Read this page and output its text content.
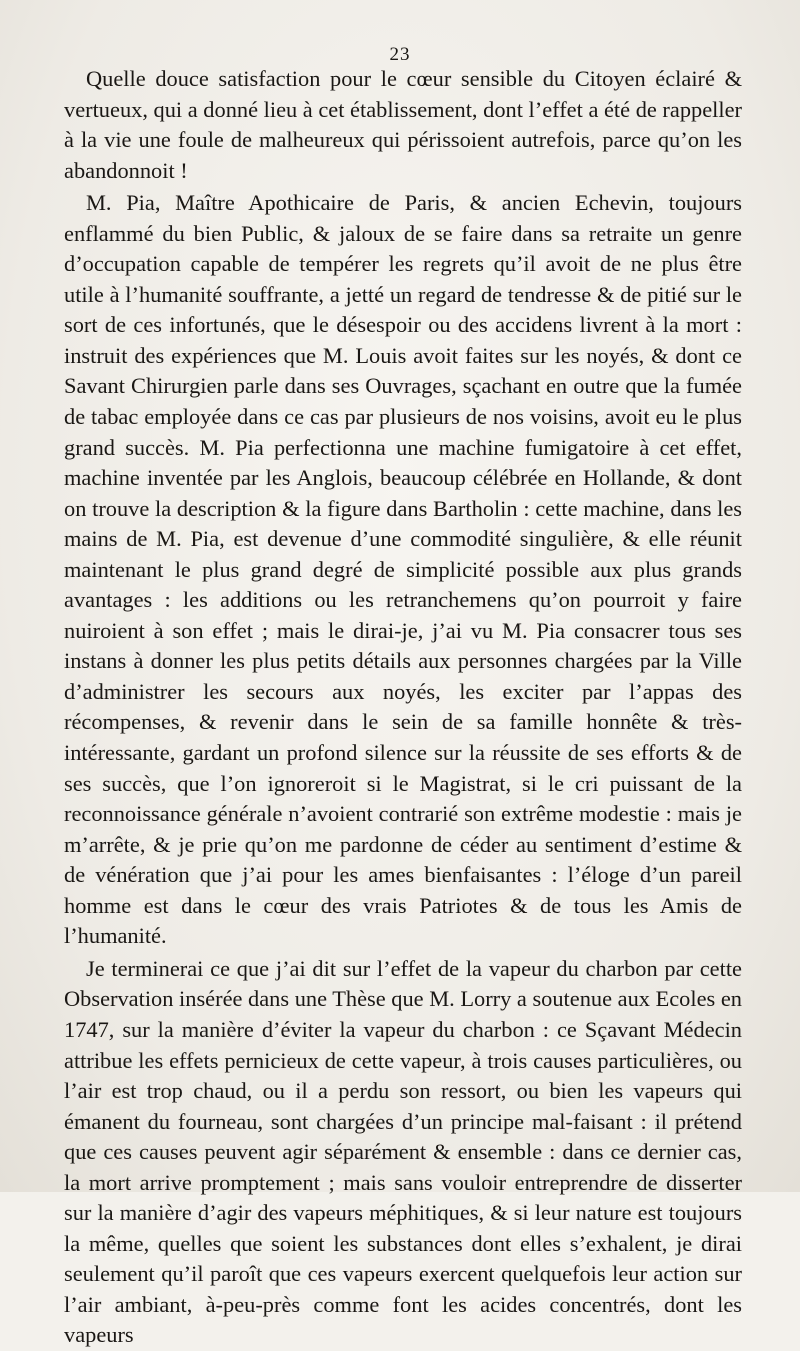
23

Quelle douce satisfaction pour le cœur sensible du Citoyen éclairé & vertueux, qui a donné lieu à cet établissement, dont l’effet a été de rappeller à la vie une foule de malheureux qui périssoient autrefois, parce qu’on les abandonnoit !

M. Pia, Maître Apothicaire de Paris, & ancien Echevin, toujours enflammé du bien Public, & jaloux de se faire dans sa retraite un genre d’occupation capable de tempérer les regrets qu’il avoit de ne plus être utile à l’humanité souffrante, a jetté un regard de tendresse & de pitié sur le sort de ces infortunés, que le désespoir ou des accidens livrent à la mort : instruit des expériences que M. Louis avoit faites sur les noyés, & dont ce Savant Chirurgien parle dans ses Ouvrages, sçachant en outre que la fumée de tabac employée dans ce cas par plusieurs de nos voisins, avoit eu le plus grand succès. M. Pia perfectionna une machine fumigatoire à cet effet, machine inventée par les Anglois, beaucoup célébrée en Hollande, & dont on trouve la description & la figure dans Bartholin : cette machine, dans les mains de M. Pia, est devenue d’une commodité singulière, & elle réunit maintenant le plus grand degré de simplicité possible aux plus grands avantages : les additions ou les retranchemens qu’on pourroit y faire nuiroient à son effet ; mais le dirai-je, j’ai vu M. Pia consacrer tous ses instans à donner les plus petits détails aux personnes chargées par la Ville d’administrer les secours aux noyés, les exciter par l’appas des récompenses, & revenir dans le sein de sa famille honnête & très-intéressante, gardant un profond silence sur la réussite de ses efforts & de ses succès, que l’on ignoreroit si le Magistrat, si le cri puissant de la reconnoissance générale n’avoient contrarié son extrême modestie : mais je m’arrête, & je prie qu’on me pardonne de céder au sentiment d’estime & de vénération que j’ai pour les ames bienfaisantes : l’éloge d’un pareil homme est dans le cœur des vrais Patriotes & de tous les Amis de l’humanité.

Je terminerai ce que j’ai dit sur l’effet de la vapeur du charbon par cette Observation insérée dans une Thèse que M. Lorry a soutenue aux Ecoles en 1747, sur la manière d’éviter la vapeur du charbon : ce Sçavant Médecin attribue les effets pernicieux de cette vapeur, à trois causes particulières, ou l’air est trop chaud, ou il a perdu son ressort, ou bien les vapeurs qui émanent du fourneau, sont chargées d’un principe mal-faisant : il prétend que ces causes peuvent agir séparément & ensemble : dans ce dernier cas, la mort arrive promptement ; mais sans vouloir entreprendre de disserter sur la manière d’agir des vapeurs méphitiques, & si leur nature est toujours la même, quelles que soient les substances dont elles s’exhalent, je dirai seulement qu’il paroît que ces vapeurs exercent quelquefois leur action sur l’air ambiant, à-peu-près comme font les acides concentrés, dont les vapeurs
